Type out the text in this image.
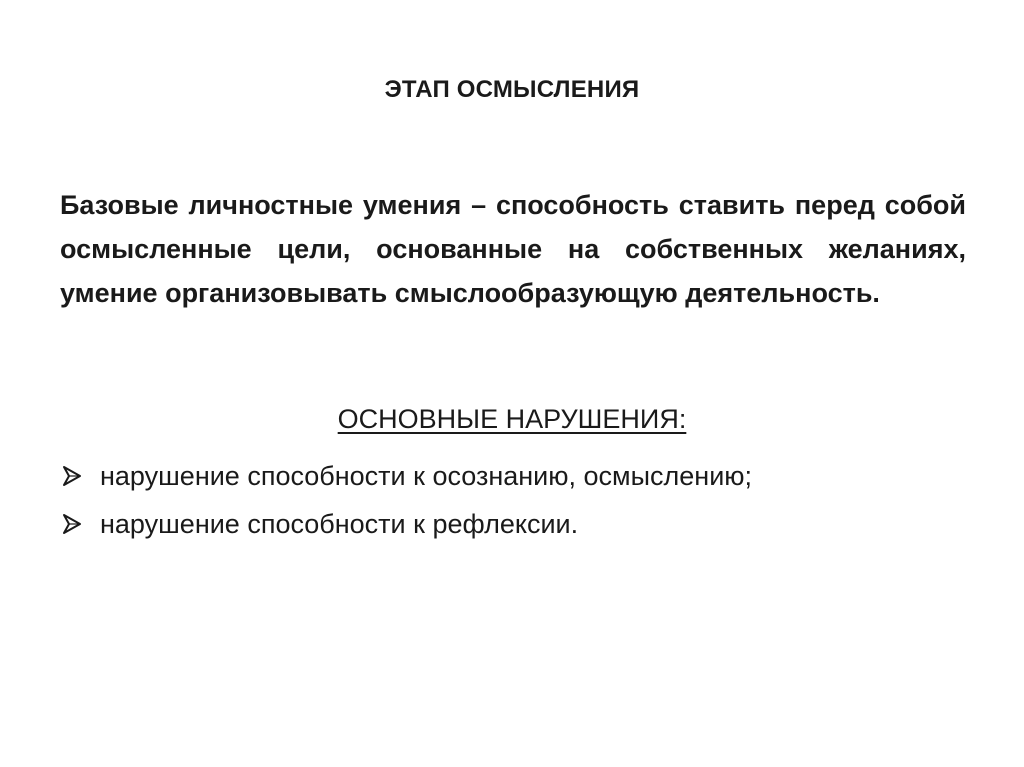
ЭТАП ОСМЫСЛЕНИЯ
Базовые личностные умения – способность ставить перед собой осмысленные цели, основанные на собственных желаниях, умение организовывать смыслообразующую деятельность.
ОСНОВНЫЕ НАРУШЕНИЯ:
нарушение способности к осознанию, осмыслению;
нарушение способности к рефлексии.
